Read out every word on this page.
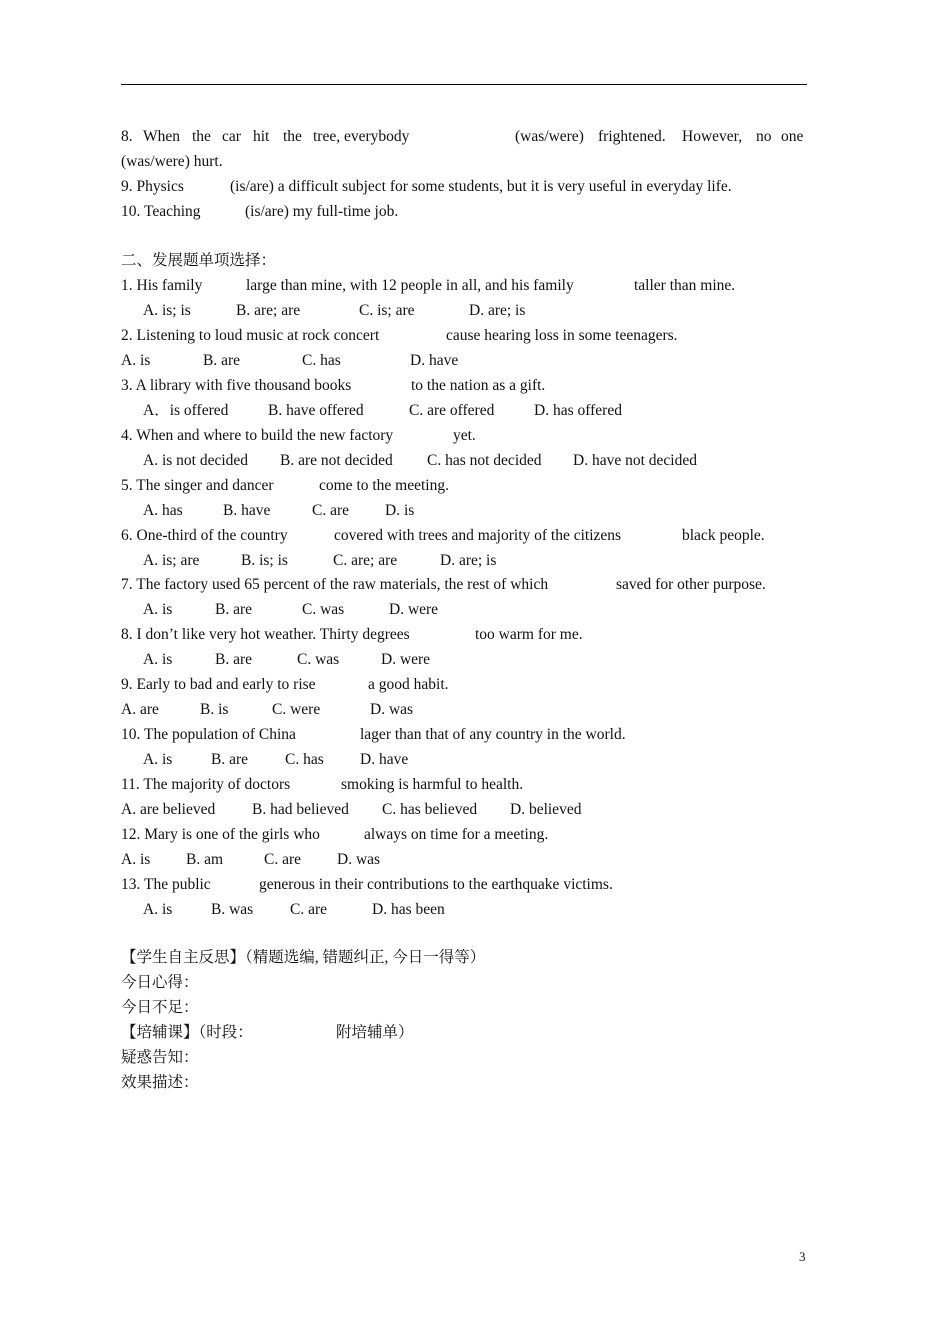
8. When the car hit the tree, everybody	(was/were) frightened. However, no one
(was/were) hurt.
9. Physics	(is/are) a difficult subject for some students, but it is very useful in everyday life.
10. Teaching	(is/are) my full-time job.
二、发展题单项选择：
1. His family	large than mine, with 12 people in all, and his family	taller than mine.
A. is; is	B. are; are	C. is; are	D. are; is
2. Listening to loud music at rock concert	cause hearing loss in some teenagers.
A. is	B. are	C. has	D. have
3. A library with five thousand books	to the nation as a gift.
A．is offered	B. have offered	C. are offered	D. has offered
4. When and where to build the new factory	yet.
A. is not decided B. are not decided C. has not decided D. have not decided
5. The singer and dancer	come to the meeting.
A. has	B. have	C. are D. is
6. One-third of the country	covered with trees and majority of the citizens	black people.
A. is; are	B. is; is	C. are; are	D. are; is
7. The factory used 65 percent of the raw materials, the rest of which	saved for other purpose.
A. is	B. are	C. was	D. were
8. I don’t like very hot weather. Thirty degrees	too warm for me.
A. is	B. are	C. was	D. were
9. Early to bad and early to rise	a good habit.
A. are	B. is	C. were	D. was
10. The population of China	lager than that of any country in the world.
A. is B. are C. has D. have
11. The majority of doctors	smoking is harmful to health.
A. are believed B. had believed C. has believed D. believed
12. Mary is one of the girls who	always on time for a meeting.
A. is B. am	C. are D. was
13. The public	generous in their contributions to the earthquake victims.
A. is B. was C. are	D. has been
【学生自主反思】（精题选编, 错题纠正, 今日一得等）
今日心得：
今日不足：
【培辅课】（时段：	附培辅单）
疑惑告知：
效果描述：
3
